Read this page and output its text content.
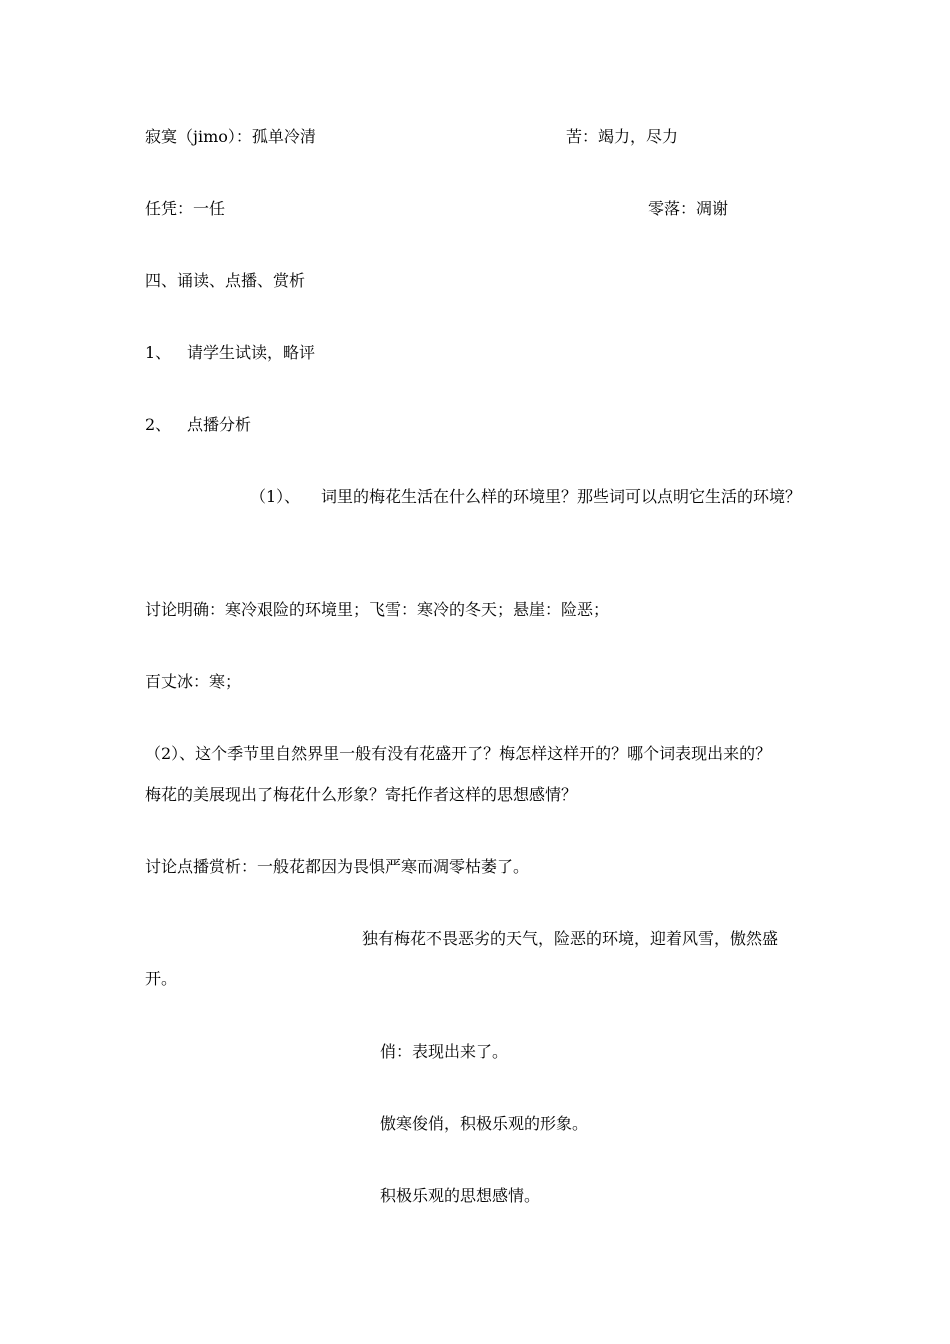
寂寞（jimo）：孤单冷清	苦：竭力，尽力
任凭：一任	零落：凋谢
四、诵读、点播、赏析
1、 请学生试读，略评
2、 点播分析
（1）、 词里的梅花生活在什么样的环境里？那些词可以点明它生活的环境？
讨论明确：寒冷艰险的环境里；飞雪：寒冷的冬天；悬崖：险恶；
百丈冰：寒；
（2）、这个季节里自然界里一般有没有花盛开了？梅怎样这样开的？哪个词表现出来的？
梅花的美展现出了梅花什么形象？寄托作者这样的思想感情？
讨论点播赏析：一般花都因为畏惧严寒而凋零枯萎了。
独有梅花不畏恶劣的天气，险恶的环境，迎着风雪，傲然盛
开。
俏：表现出来了。
傲寒俊俏，积极乐观的形象。
积极乐观的思想感情。
